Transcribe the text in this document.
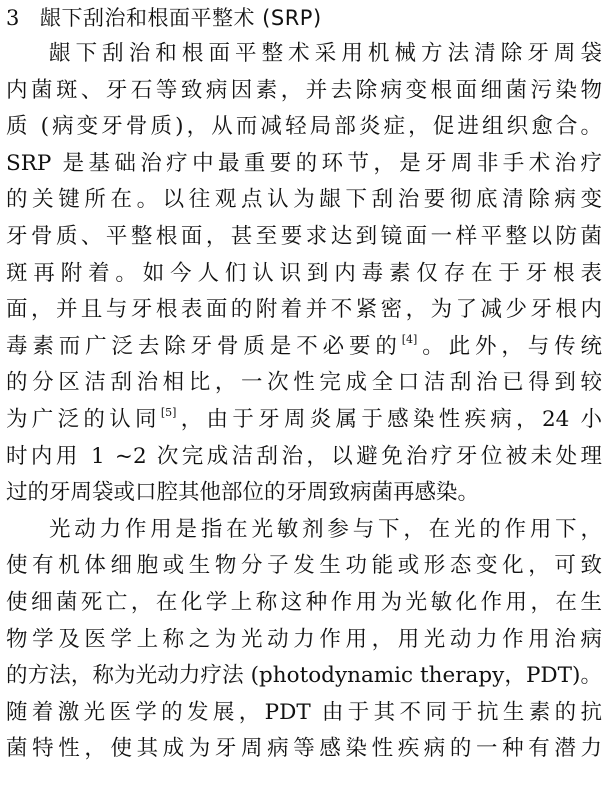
3 龈下刮治和根面平整术 (SRP)
龈下刮治和根面平整术采用机械方法清除牙周袋
内菌斑、牙石等致病因素，并去除病变根面细菌污染物
质 (病变牙骨质)，从而减轻局部炎症，促进组织愈合。
SRP 是基础治疗中最重要的环节，是牙周非手术治疗
的关键所在。以往观点认为龈下刮治要彻底清除病变
牙骨质、平整根面，甚至要求达到镜面一样平整以防菌
斑再附着。如今人们认识到内毒素仅存在于牙根表
面，并且与牙根表面的附着并不紧密，为了减少牙根内
毒素而广泛去除牙骨质是不必要的[4]。此外，与传统
的分区洁刮治相比，一次性完成全口洁刮治已得到较
为广泛的认同[5]，由于牙周炎属于感染性疾病，24 小
时内用 1 ~2 次完成洁刮治，以避免治疗牙位被未处理
过的牙周袋或口腔其他部位的牙周致病菌再感染。
光动力作用是指在光敏剂参与下，在光的作用下，
使有机体细胞或生物分子发生功能或形态变化，可致
使细菌死亡，在化学上称这种作用为光敏化作用，在生
物学及医学上称之为光动力作用，用光动力作用治病
的方法，称为光动力疗法 (photodynamic therapy，PDT)。
随着激光医学的发展，PDT 由于其不同于抗生素的抗
菌特性，使其成为牙周病等感染性疾病的一种有潜力
